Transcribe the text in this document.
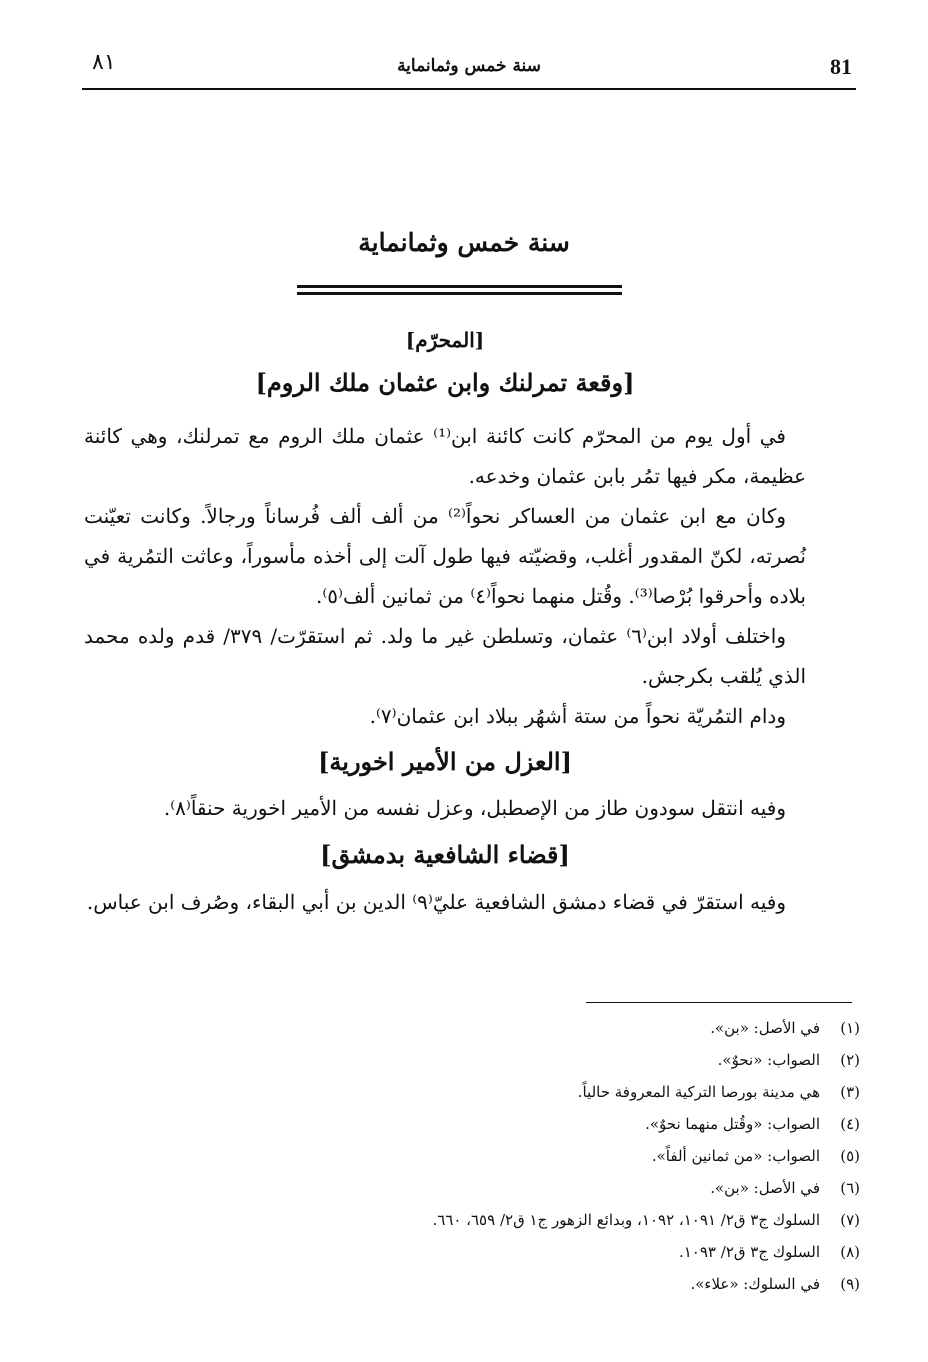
٨١	سنة خمس وثمانماية	81
سنة خمس وثمانماية
[المحرّم]
[وقعة تمرلنك وابن عثمان ملك الروم]

في أول يوم من المحرّم كانت كائنة ابن⁽¹⁾ عثمان ملك الروم مع تمرلنك، وهي كائنة عظيمة، مكر فيها تمُر بابن عثمان وخدعه.

وكان مع ابن عثمان من العساكر نحواً⁽²⁾ من ألف ألف فُرساناً ورجالاً. وكانت تعيّنت نُصرته، لكنّ المقدور أغلب، وقضيّته فيها طول آلت إلى أخذه مأسوراً، وعاثت التمُرية في بلاده وأحرقوا بُرْصا⁽³⁾. وقُتل منهما نحواً⁽٤⁾ من ثمانين ألف⁽٥⁾.

واختلف أولاد ابن⁽٦⁾ عثمان، وتسلطن غير ما ولد. ثم استقرّت/ ٣٧٩/ قدم ولده محمد الذي يُلقب بكرجش.

ودام التمُريّة نحواً من ستة أشهُر ببلاد ابن عثمان⁽٧⁾.

[العزل من الأمير اخورية]

وفيه انتقل سودون طاز من الإصطبل، وعزل نفسه من الأمير اخورية حنقاً⁽٨⁾.

[قضاء الشافعية بدمشق]

وفيه استقرّ في قضاء دمشق الشافعية عليّ⁽٩⁾ الدين بن أبي البقاء، وصُرف ابن عباس.

(١)
في الأصل: «بن».
(٢)
الصواب: «نحوٌ».
(٣)
هي مدينة بورصا التركية المعروفة حالياً.
(٤)
الصواب: «وقُتل منهما نحوٌ».
(٥)
الصواب: «من ثمانين ألفاً».
(٦)
في الأصل: «بن».
(٧)
السلوك ج٣ ق٢/ ١٠٩١، ١٠٩٢، وبدائع الزهور ج١ ق٢/ ٦٥٩، ٦٦٠.
(٨)
السلوك ج٣ ق٢/ ١٠٩٣.
(٩)
في السلوك: «علاء».
